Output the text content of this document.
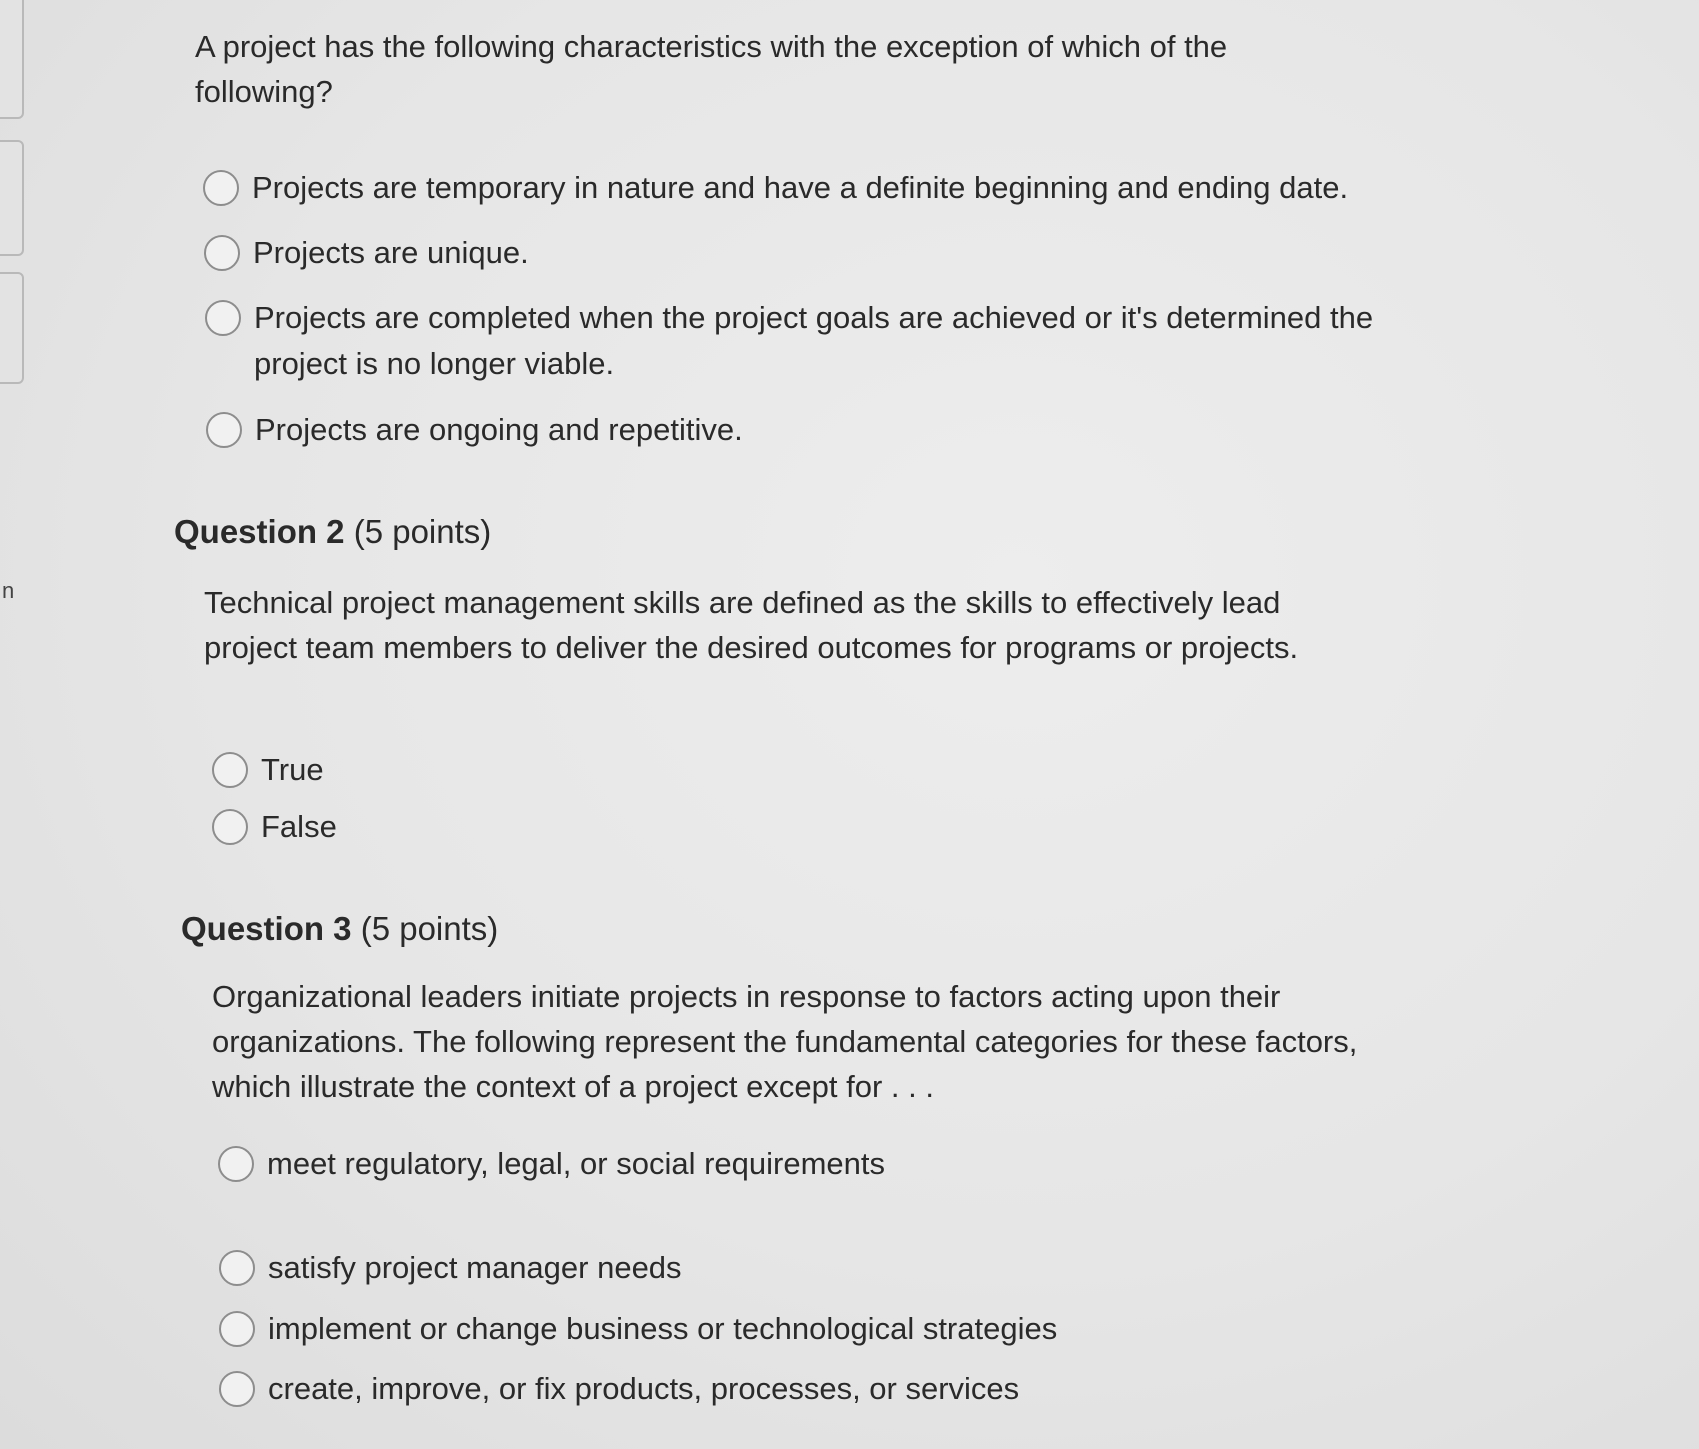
n
A project has the following characteristics with the exception of which of the following?
Projects are temporary in nature and have a definite beginning and ending date.
Projects are unique.
Projects are completed when the project goals are achieved or it's determined the project is no longer viable.
Projects are ongoing and repetitive.
Question 2 (5 points)
Technical project management skills are defined as the skills to effectively lead project team members to deliver the desired outcomes for programs or projects.
True
False
Question 3 (5 points)
Organizational leaders initiate projects in response to factors acting upon their organizations. The following represent the fundamental categories for these factors, which illustrate the context of a project except for . . .
meet regulatory, legal, or social requirements
satisfy project manager needs
implement or change business or technological strategies
create, improve, or fix products, processes, or services
